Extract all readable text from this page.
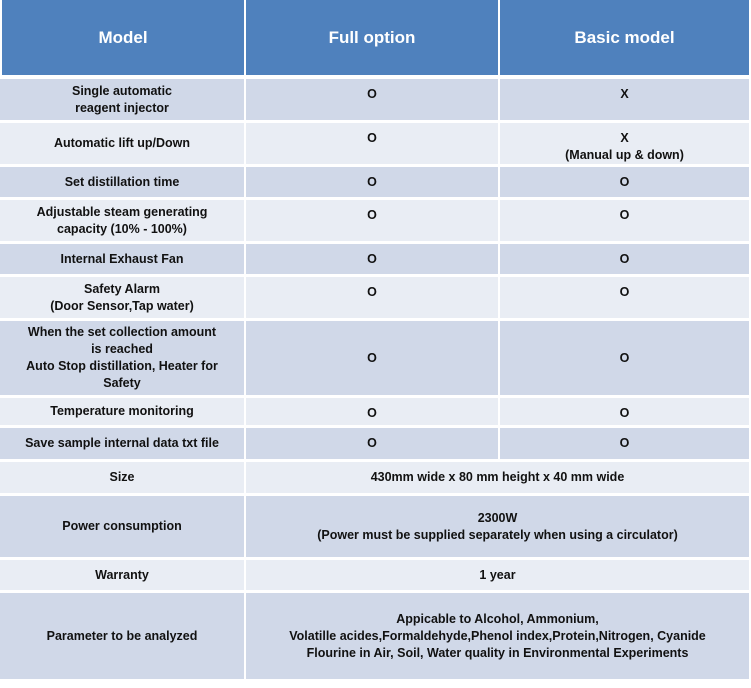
Model	Full option	Basic model
Single automatic
reagent injector	O	X
Automatic lift up/Down	O	X
(Manual up & down)
Set distillation time	O	O
Adjustable steam generating
capacity (10% - 100%)	O	O
Internal Exhaust Fan	O	O
Safety Alarm
(Door Sensor,Tap water)	O	O
When the set collection amount
is reached
Auto Stop distillation, Heater for
Safety	O	O
Temperature monitoring	O	O
Save sample internal data txt file	O	O
Size	430mm wide x 80 mm height x 40 mm wide	
Power consumption	2300W
(Power must be supplied separately when using a circulator)	
Warranty	1 year	
Parameter to be analyzed	Appicable to Alcohol, Ammonium,
Volatille acides,Formaldehyde,Phenol index,Protein,Nitrogen, Cyanide
Flourine in Air, Soil, Water quality in Environmental Experiments	
